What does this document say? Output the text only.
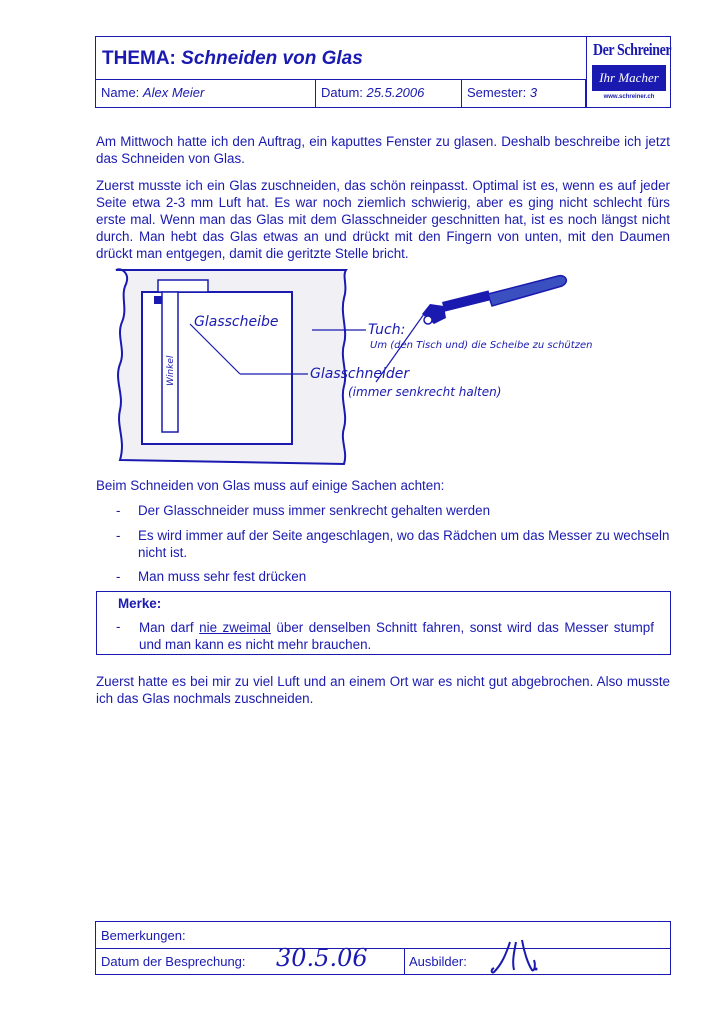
THEMA: Schneiden von Glas
Name: Alex Meier	Datum: 25.5.2006	Semester: 3
Der Schreiner
Ihr Macher
www.schreiner.ch
Am Mittwoch hatte ich den Auftrag, ein kaputtes Fenster zu glasen. Deshalb beschreibe ich jetzt das Schneiden von Glas.
Zuerst musste ich ein Glas zuschneiden, das schön reinpasst. Optimal ist es, wenn es auf jeder Seite etwa 2-3 mm Luft hat. Es war noch ziemlich schwierig, aber es ging nicht schlecht fürs erste mal. Wenn man das Glas mit dem Glasschneider geschnitten hat, ist es noch längst nicht durch. Man hebt das Glas etwas an und drückt mit den Fingern von unten, mit den Daumen drückt man entgegen, damit die geritzte Stelle bricht.
Winkel
Glasscheibe	Tuch:
Um (den Tisch und) die Scheibe zu schützen
Glasschneider
(immer senkrecht halten)
Beim Schneiden von Glas muss auf einige Sachen achten:
- Der Glasschneider muss immer senkrecht gehalten werden
- Es wird immer auf der Seite angeschlagen, wo das Rädchen um das Messer zu wechseln nicht ist.
- Man muss sehr fest drücken
Merke:
- Man darf nie zweimal über denselben Schnitt fahren, sonst wird das Messer stumpf und man kann es nicht mehr brauchen.
Zuerst hatte es bei mir zu viel Luft und an einem Ort war es nicht gut abgebrochen. Also musste ich das Glas nochmals zuschneiden.
Bemerkungen:
Datum der Besprechung: 30.5.06	Ausbilder:
